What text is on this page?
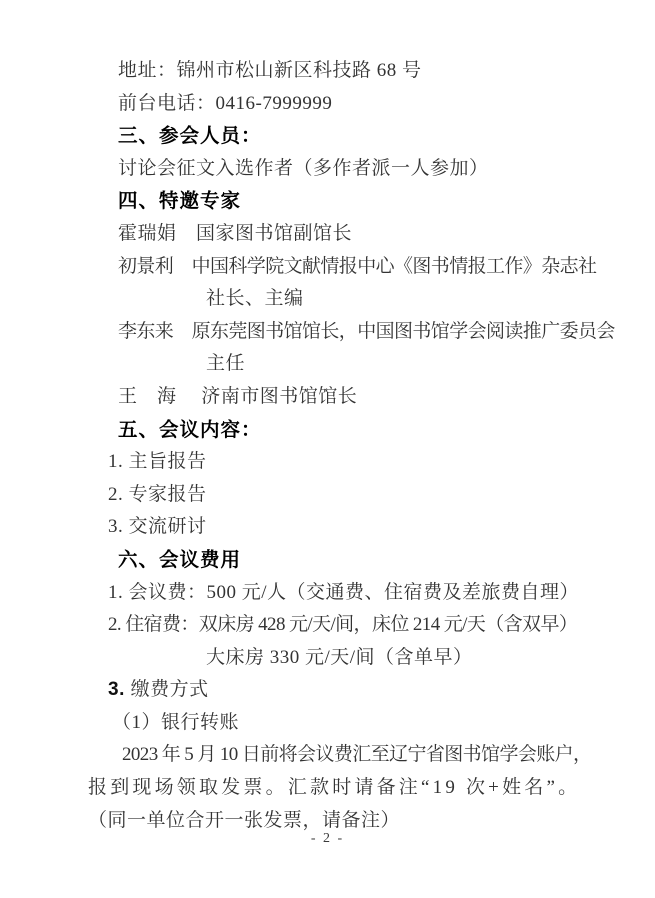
地址：锦州市松山新区科技路 68 号
前台电话：0416-7999999
三、参会人员：
讨论会征文入选作者（多作者派一人参加）
四、特邀专家
霍瑞娟　国家图书馆副馆长
初景利　中国科学院文献情报中心《图书情报工作》杂志社
社长、主编
李东来　原东莞图书馆馆长，中国图书馆学会阅读推广委员会
主任
王　海　 济南市图书馆馆长
五、会议内容：
1. 主旨报告
2. 专家报告
3. 交流研讨
六、会议费用
1. 会议费：500 元/人（交通费、住宿费及差旅费自理）
2. 住宿费：双床房 428 元/天/间，床位 214 元/天（含双早）
大床房 330 元/天/间（含单早）
3. 缴费方式
（1）银行转账
2023 年 5 月 10 日前将会议费汇至辽宁省图书馆学会账户，
报到现场领取发票。汇款时请备注“19 次+姓名”。
（同一单位合开一张发票，请备注）
- 2 -
